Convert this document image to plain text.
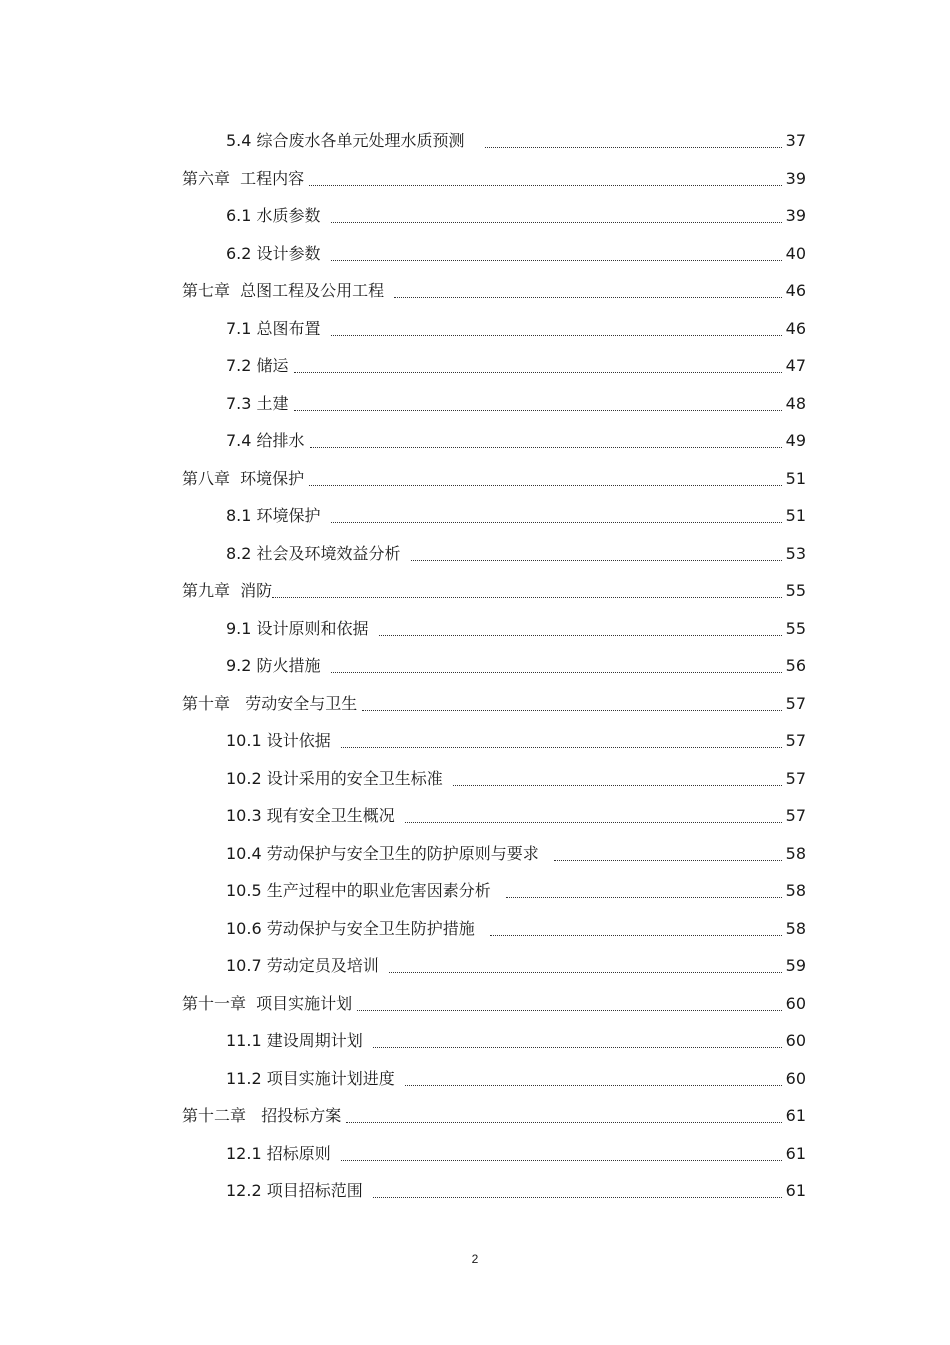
5.4 综合废水各单元处理水质预测	37
第六章  工程内容	39
6.1 水质参数	39
6.2 设计参数	40
第七章  总图工程及公用工程	46
7.1 总图布置	46
7.2 储运	47
7.3 土建	48
7.4 给排水	49
第八章  环境保护	51
8.1 环境保护	51
8.2 社会及环境效益分析	53
第九章  消防	55
9.1 设计原则和依据	55
9.2 防火措施	56
第十章   劳动安全与卫生	57
10.1 设计依据	57
10.2 设计采用的安全卫生标准	57
10.3 现有安全卫生概况	57
10.4 劳动保护与安全卫生的防护原则与要求	58
10.5 生产过程中的职业危害因素分析	58
10.6 劳动保护与安全卫生防护措施	58
10.7 劳动定员及培训	59
第十一章  项目实施计划	60
11.1 建设周期计划	60
11.2 项目实施计划进度	60
第十二章   招投标方案	61
12.1 招标原则	61
12.2 项目招标范围	61
2
